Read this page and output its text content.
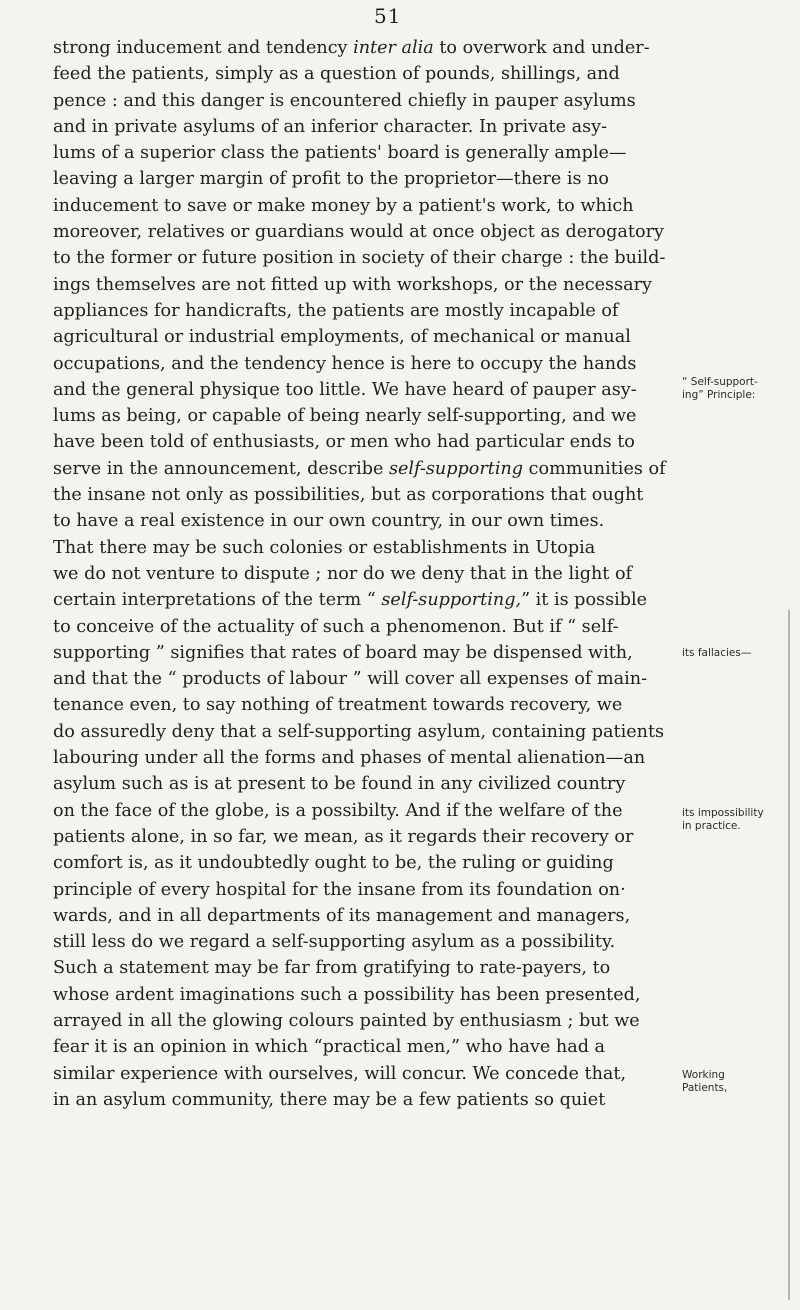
51
strong inducement and tendency inter alia to overwork and under-
feed the patients, simply as a question of pounds, shillings, and
pence : and this danger is encountered chiefly in pauper asylums
and in private asylums of an inferior character. In private asy-
lums of a superior class the patients' board is generally ample—
leaving a larger margin of profit to the proprietor—there is no
inducement to save or make money by a patient's work, to which
moreover, relatives or guardians would at once object as derogatory
to the former or future position in society of their charge : the build-
ings themselves are not fitted up with workshops, or the necessary
appliances for handicrafts, the patients are mostly incapable of
agricultural or industrial employments, of mechanical or manual
occupations, and the tendency hence is here to occupy the hands
and the general physique too little. We have heard of pauper asy-
lums as being, or capable of being nearly self-supporting, and we
have been told of enthusiasts, or men who had particular ends to
serve in the announcement, describe self-supporting communities of
the insane not only as possibilities, but as corporations that ought
to have a real existence in our own country, in our own times.
That there may be such colonies or establishments in Utopia
we do not venture to dispute ; nor do we deny that in the light of
certain interpretations of the term “ self-supporting,” it is possible
to conceive of the actuality of such a phenomenon. But if “ self-
supporting ” signifies that rates of board may be dispensed with,
and that the “ products of labour ” will cover all expenses of main-
tenance even, to say nothing of treatment towards recovery, we
do assuredly deny that a self-supporting asylum, containing patients
labouring under all the forms and phases of mental alienation—an
asylum such as is at present to be found in any civilized country
on the face of the globe, is a possibilty. And if the welfare of the
patients alone, in so far, we mean, as it regards their recovery or
comfort is, as it undoubtedly ought to be, the ruling or guiding
principle of every hospital for the insane from its foundation on·
wards, and in all departments of its management and managers,
still less do we regard a self-supporting asylum as a possibility.
Such a statement may be far from gratifying to rate-payers, to
whose ardent imaginations such a possibility has been presented,
arrayed in all the glowing colours painted by enthusiasm ; but we
fear it is an opinion in which “practical men,” who have had a
similar experience with ourselves, will concur. We concede that,
in an asylum community, there may be a few patients so quiet
“ Self-support-
ing” Principle:
its fallacies—
its impossibility
in practice.
Working
Patients,
